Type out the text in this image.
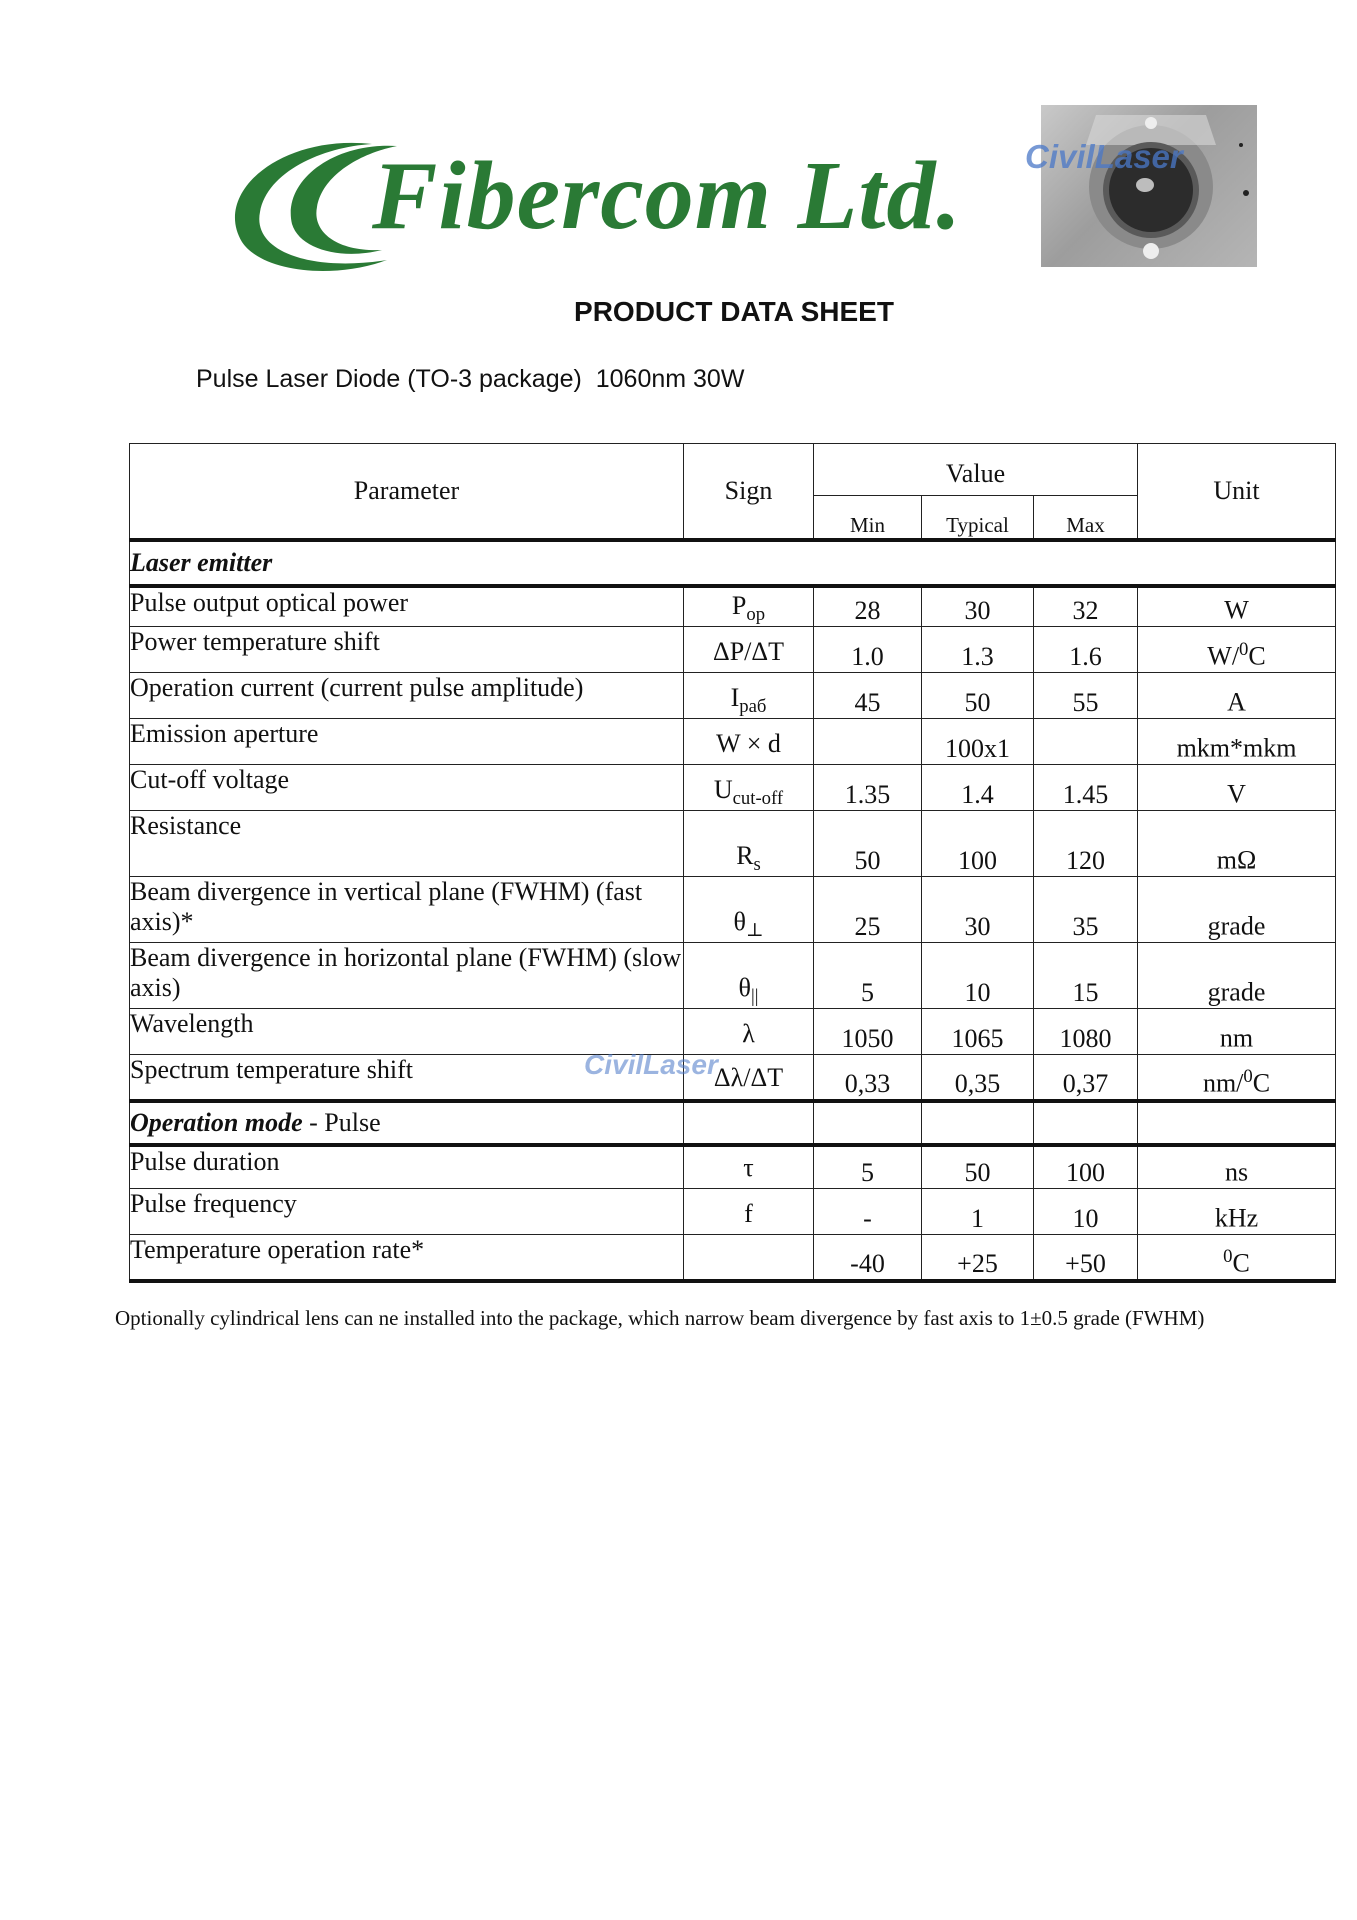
Fibercom Ltd. CivilLaser
PRODUCT DATA SHEET
Pulse Laser Diode (TO-3 package)  1060nm 30W
Parameter	Sign	Value			Unit
		Min	Typical	Max	
Laser emitter					
Pulse output optical power	$P_{op}$	28	30	32	W
Power temperature shift	ΔP/ΔT	1.0	1.3	1.6	W/$^0$C
Operation current (current pulse amplitude)	$I_{раб}$	45	50	55	A
Emission aperture	W × d		100x1		mkm*mkm
Cut-off voltage	$U_{cut-off}$	1.35	1.4	1.45	V
Resistance	$R_s$	50	100	120	mΩ
Beam divergence in vertical plane (FWHM) (fast axis)*	$\theta_\perp$	25	30	35	grade
Beam divergence in horizontal plane (FWHM) (slow axis)	$\theta_{||}$	5	10	15	grade
Wavelength	λ	1050	1065	1080	nm
Spectrum temperature shift	Δλ/ΔT	0,33	0,35	0,37	nm/$^0$C
Operation mode - Pulse					
Pulse duration	τ	5	50	100	ns
Pulse frequency	f	-	1	10	kHz
Temperature operation rate*		-40	+25	+50	$^0$C
CivilLaser
Optionally cylindrical lens can ne installed into the package, which narrow beam divergence by fast axis to 1±0.5 grade (FWHM)
